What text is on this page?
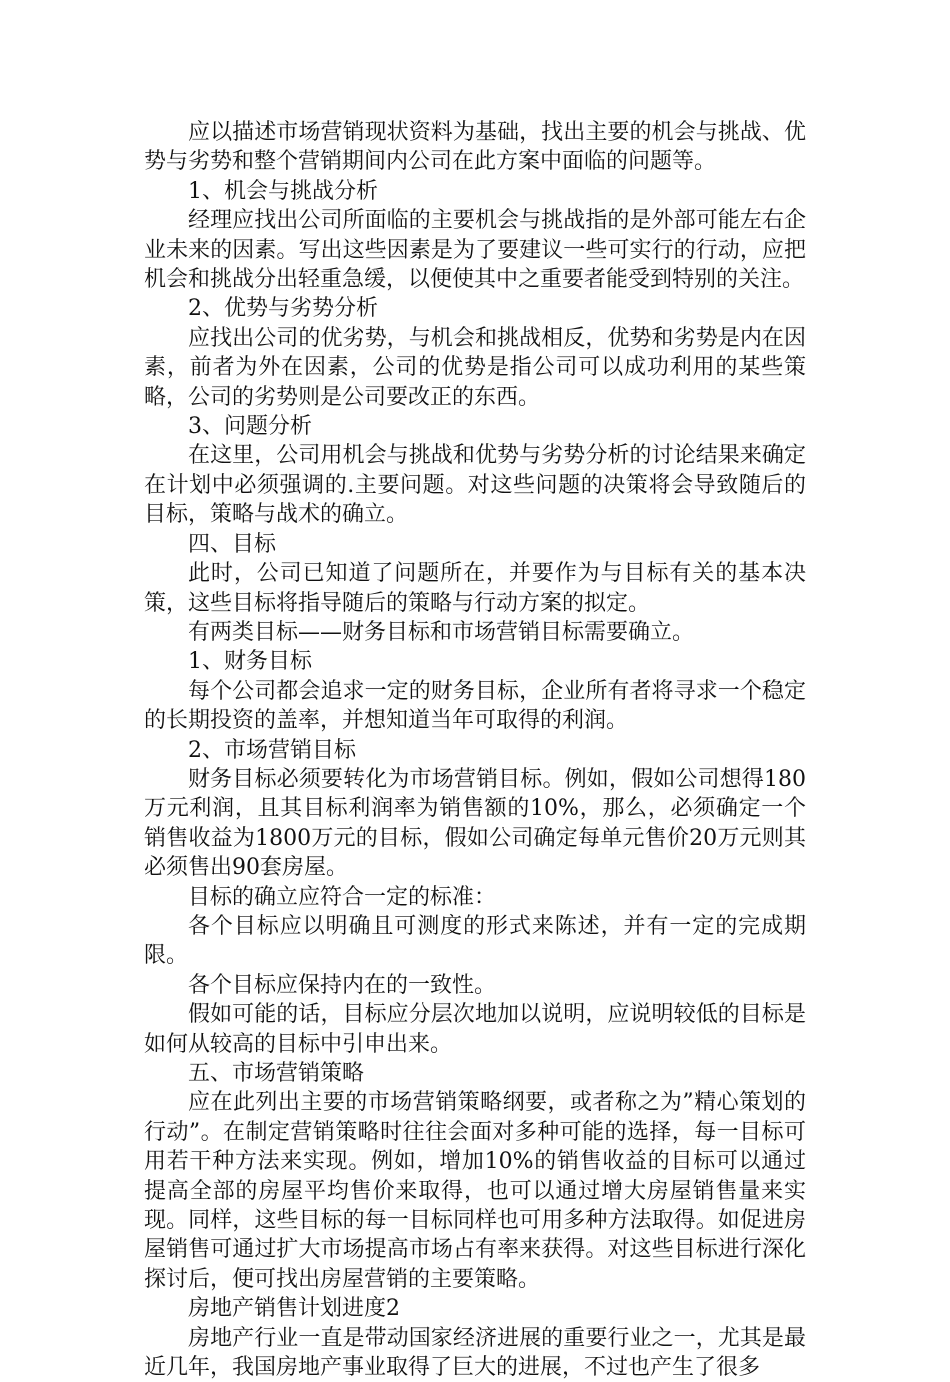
应以描述市场营销现状资料为基础，找出主要的机会与挑战、优势与劣势和整个营销期间内公司在此方案中面临的问题等。

1、机会与挑战分析

经理应找出公司所面临的主要机会与挑战指的是外部可能左右企业未来的因素。写出这些因素是为了要建议一些可实行的行动，应把机会和挑战分出轻重急缓，以便使其中之重要者能受到特别的关注。

2、优势与劣势分析

应找出公司的优劣势，与机会和挑战相反，优势和劣势是内在因素，前者为外在因素，公司的优势是指公司可以成功利用的某些策略，公司的劣势则是公司要改正的东西。

3、问题分析

在这里，公司用机会与挑战和优势与劣势分析的讨论结果来确定在计划中必须强调的.主要问题。对这些问题的决策将会导致随后的目标，策略与战术的确立。

四、目标

此时，公司已知道了问题所在，并要作为与目标有关的基本决策，这些目标将指导随后的策略与行动方案的拟定。

有两类目标——财务目标和市场营销目标需要确立。

1、财务目标

每个公司都会追求一定的财务目标，企业所有者将寻求一个稳定的长期投资的盖率，并想知道当年可取得的利润。

2、市场营销目标

财务目标必须要转化为市场营销目标。例如，假如公司想得180万元利润，且其目标利润率为销售额的10%，那么，必须确定一个销售收益为1800万元的目标，假如公司确定每单元售价20万元则其必须售出90套房屋。

目标的确立应符合一定的标准：

各个目标应以明确且可测度的形式来陈述，并有一定的完成期限。

各个目标应保持内在的一致性。

假如可能的话，目标应分层次地加以说明，应说明较低的目标是如何从较高的目标中引申出来。

五、市场营销策略

应在此列出主要的市场营销策略纲要，或者称之为”精心策划的行动”。在制定营销策略时往往会面对多种可能的选择，每一目标可用若干种方法来实现。例如，增加10%的销售收益的目标可以通过提高全部的房屋平均售价来取得，也可以通过增大房屋销售量来实现。同样，这些目标的每一目标同样也可用多种方法取得。如促进房屋销售可通过扩大市场提高市场占有率来获得。对这些目标进行深化探讨后，便可找出房屋营销的主要策略。

房地产销售计划进度2

房地产行业一直是带动国家经济进展的重要行业之一，尤其是最近几年，我国房地产事业取得了巨大的进展，不过也产生了很多
